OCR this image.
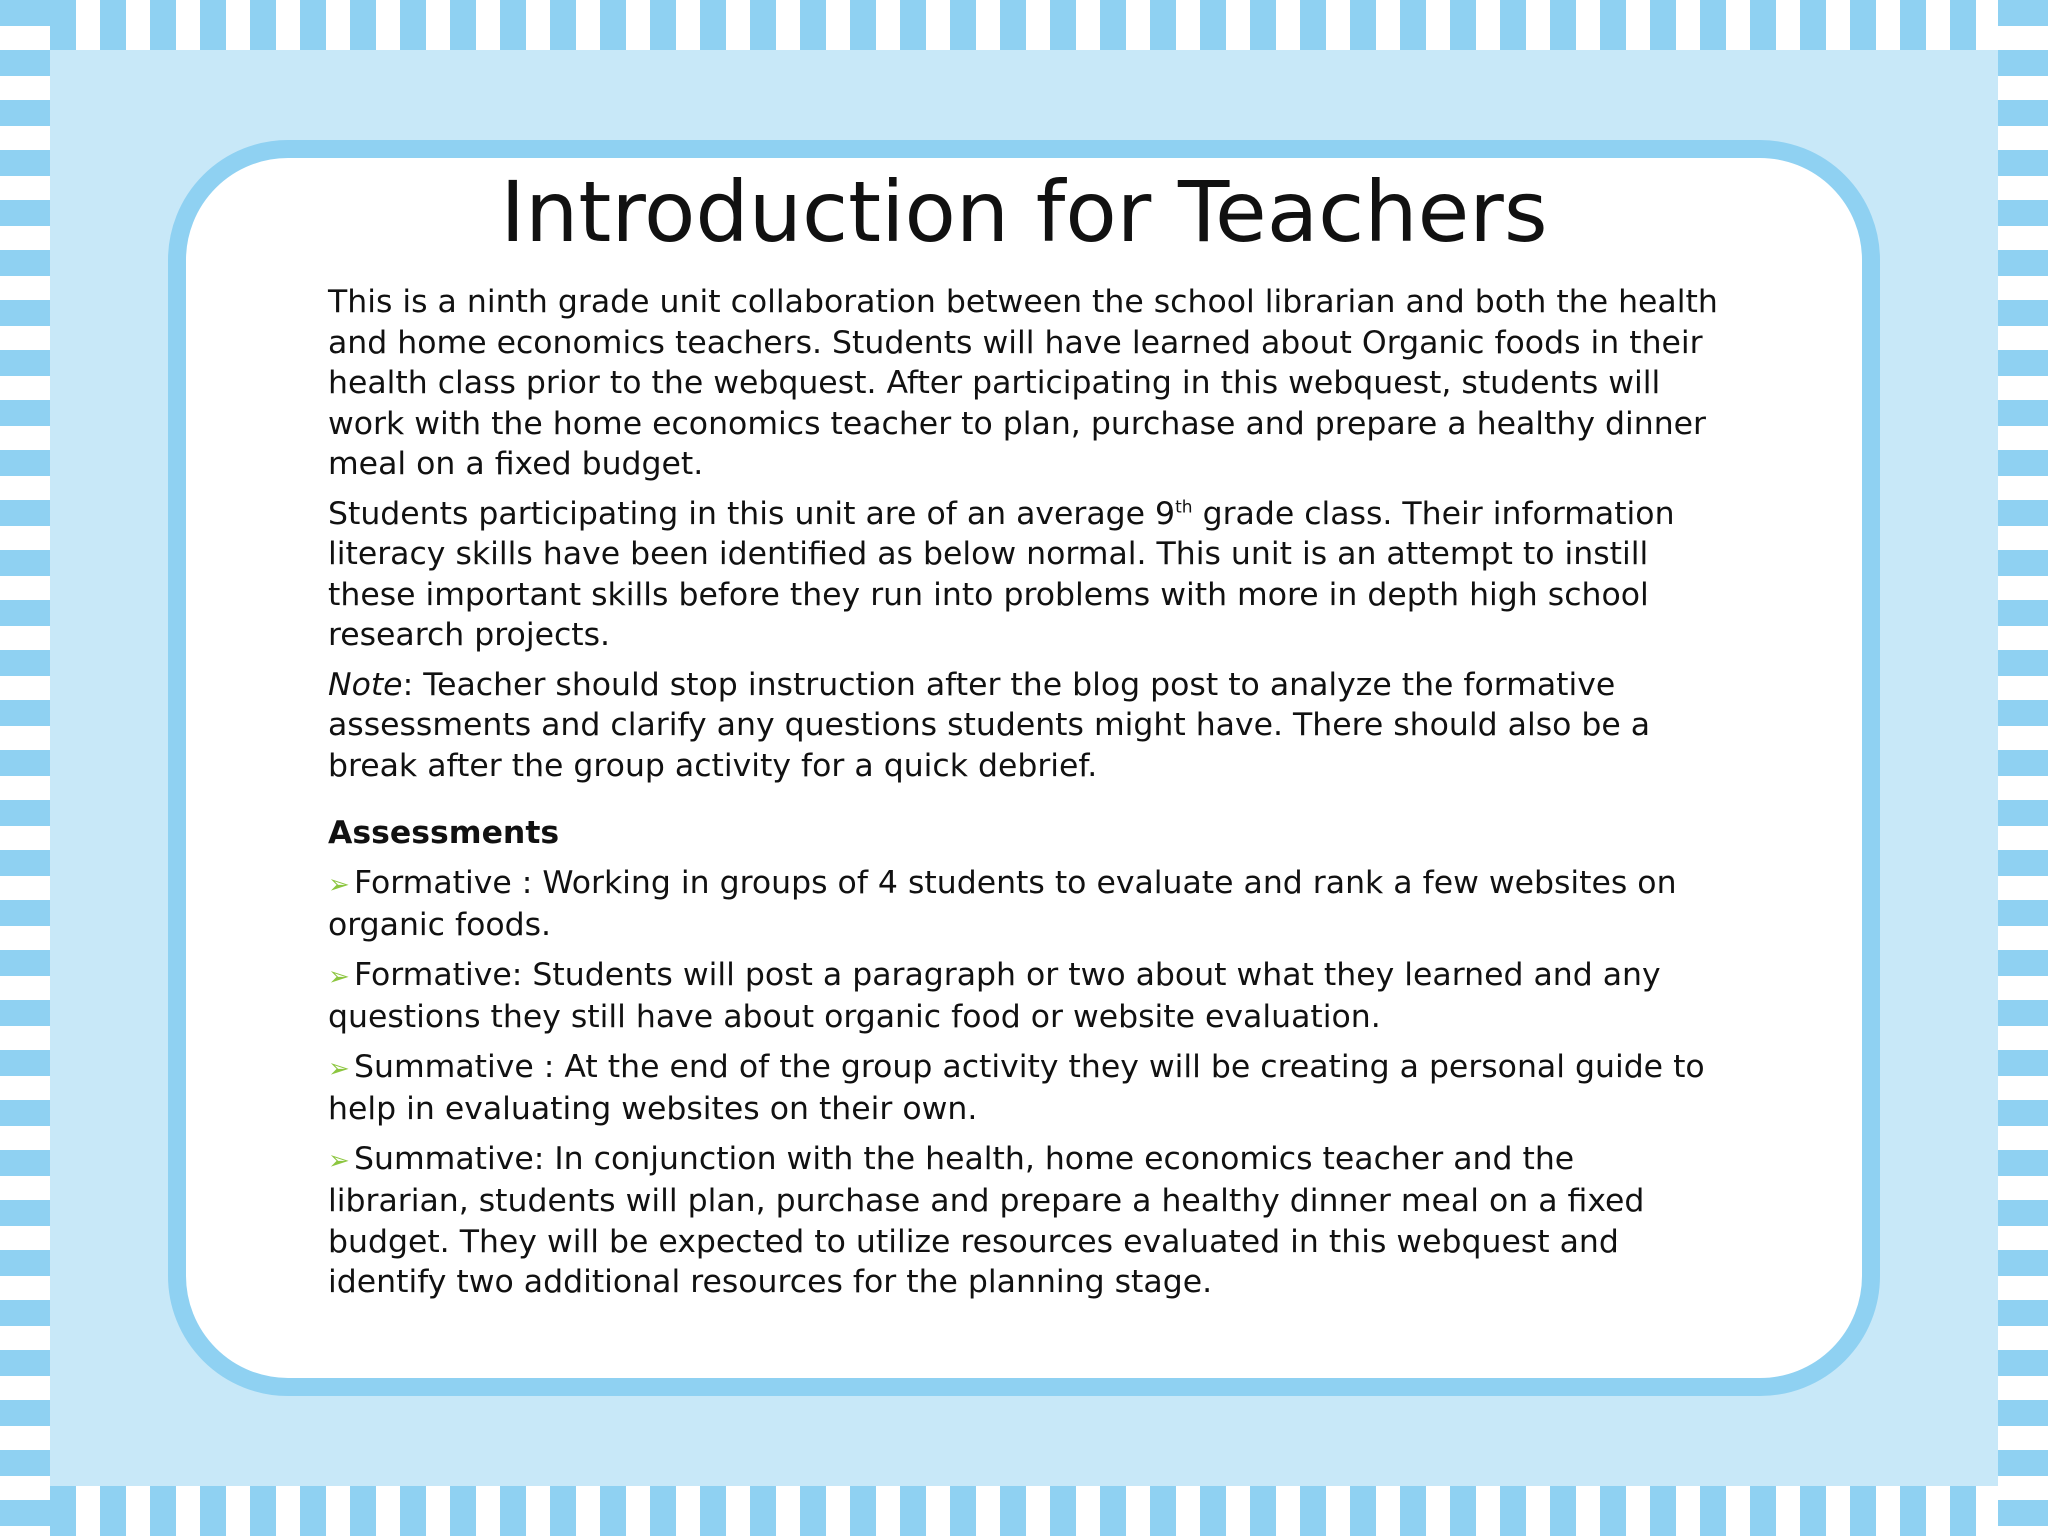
Introduction for Teachers

This is a ninth grade unit collaboration between the school librarian and both the health and home economics teachers. Students will have learned about Organic foods in their health class prior to the webquest. After participating in this webquest, students will work with the home economics teacher to plan, purchase and prepare a healthy dinner meal on a fixed budget.

Students participating in this unit are of an average 9th grade class. Their information literacy skills have been identified as below normal. This unit is an attempt to instill these important skills before they run into problems with more in depth high school research projects.

Note: Teacher should stop instruction after the blog post to analyze the formative assessments and clarify any questions students might have. There should also be a break after the group activity for a quick debrief.

Assessments

➢ Formative : Working in groups of 4 students to evaluate and rank a few websites on organic foods.

➢ Formative: Students will post a paragraph or two about what they learned and any questions they still have about organic food or website evaluation.

➢ Summative : At the end of the group activity they will be creating a personal guide to help in evaluating websites on their own.

➢ Summative: In conjunction with the health, home economics teacher and the librarian, students will plan, purchase and prepare a healthy dinner meal on a fixed budget. They will be expected to utilize resources evaluated in this webquest and identify two additional resources for the planning stage.
